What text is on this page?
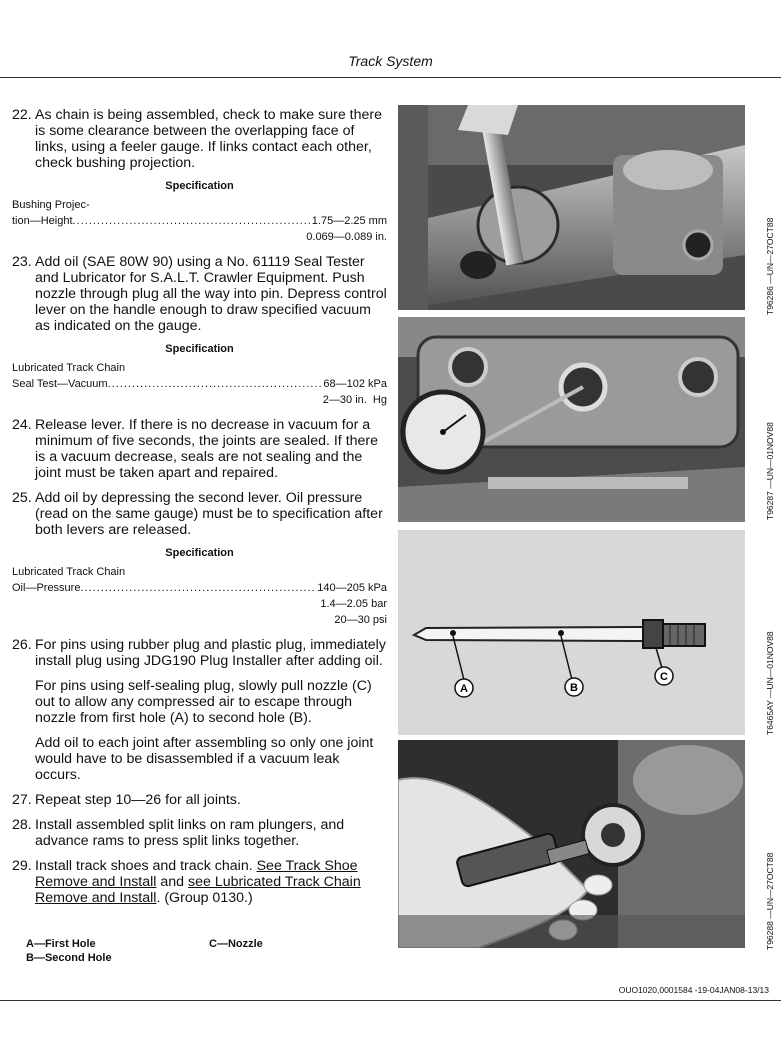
Track System
22. As chain is being assembled, check to make sure there is some clearance between the overlapping face of links, using a feeler gauge. If links contact each other, check bushing projection.
Specification
Bushing Projec-
tion—Height .....	1.75—2.25 mm
0.069—0.089 in.
23. Add oil (SAE 80W 90) using a No. 61119 Seal Tester and Lubricator for S.A.L.T. Crawler Equipment. Push nozzle through plug all the way into pin. Depress control lever on the handle enough to draw specified vacuum as indicated on the gauge.
Specification
Lubricated Track Chain
Seal Test—Vacuum .....	68—102 kPa
2—30 in.  Hg
24. Release lever. If there is no decrease in vacuum for a minimum of five seconds, the joints are sealed. If there is a vacuum decrease, seals are not sealing and the joint must be taken apart and repaired.
25. Add oil by depressing the second lever. Oil pressure (read on the same gauge) must be to specification after both levers are released.
Specification
Lubricated Track Chain
Oil—Pressure .....	140—205 kPa
1.4—2.05 bar
20—30 psi
26. For pins using rubber plug and plastic plug, immediately install plug using JDG190 Plug Installer after adding oil.
For pins using self-sealing plug, slowly pull nozzle (C) out to allow any compressed air to escape through nozzle from first hole (A) to second hole (B).
Add oil to each joint after assembling so only one joint would have to be disassembled if a vacuum leak occurs.
27. Repeat step 10—26 for all joints.
28. Install assembled split links on ram plungers, and advance rams to press split links together.
29. Install track shoes and track chain. See Track Shoe Remove and Install and see Lubricated Track Chain Remove and Install. (Group 0130.)
A—First Hole	C—Nozzle
B—Second Hole
T96286 —UN—27OCT88
T96287 —UN—01NOV88
A	B
C	T6465AY —UN—01NOV88
T96288 —UN—27OCT88
OUO1020,0001584 -19-04JAN08-13/13
